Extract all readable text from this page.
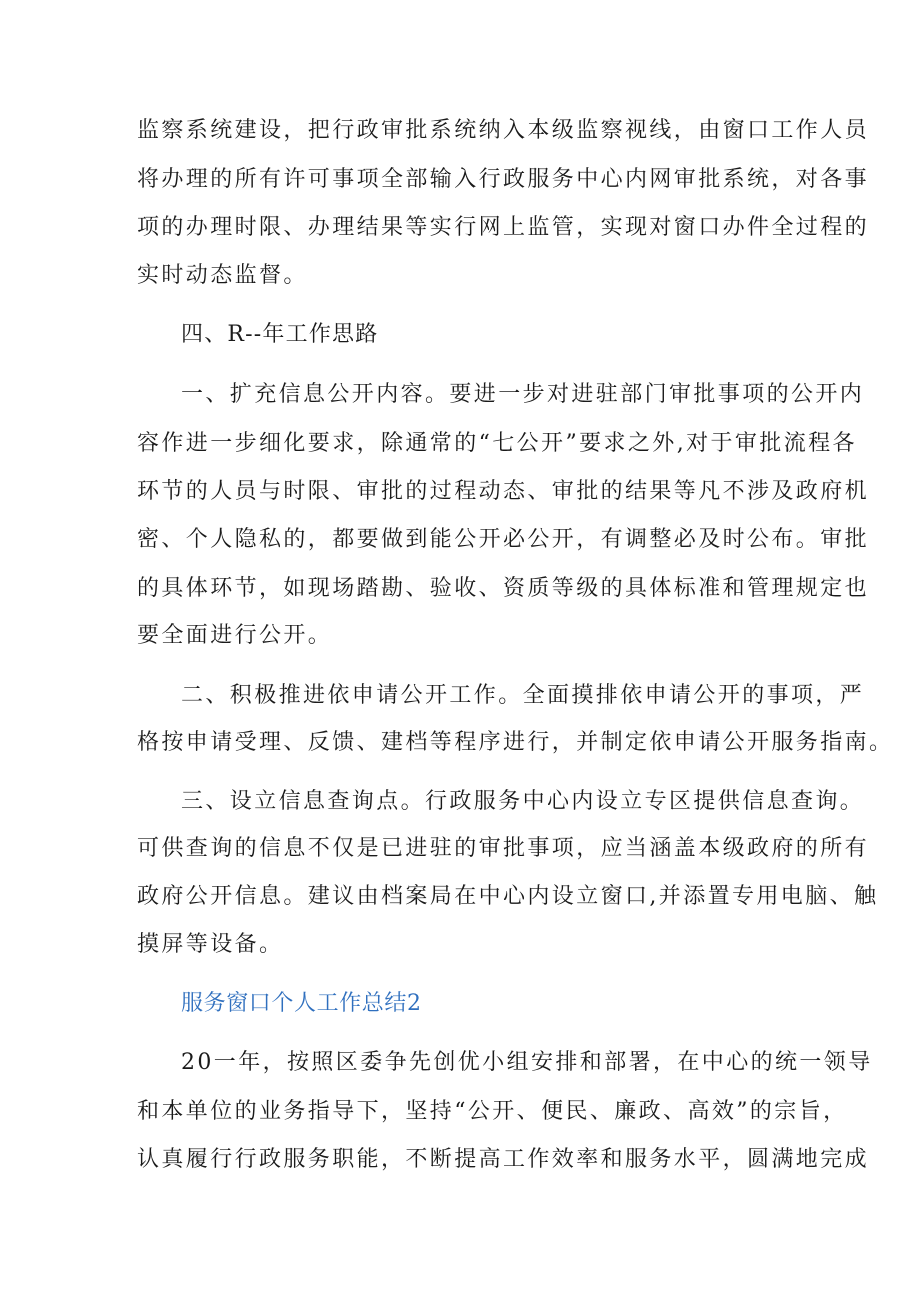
监察系统建设，把行政审批系统纳入本级监察视线，由窗口工作人员
将办理的所有许可事项全部输入行政服务中心内网审批系统，对各事
项的办理时限、办理结果等实行网上监管，实现对窗口办件全过程的
实时动态监督。
四、R--年工作思路
一、扩充信息公开内容。要进一步对进驻部门审批事项的公开内
容作进一步细化要求，除通常的“七公开”要求之外,对于审批流程各
环节的人员与时限、审批的过程动态、审批的结果等凡不涉及政府机
密、个人隐私的，都要做到能公开必公开，有调整必及时公布。审批
的具体环节，如现场踏勘、验收、资质等级的具体标准和管理规定也
要全面进行公开。
二、积极推进依申请公开工作。全面摸排依申请公开的事项，严
格按申请受理、反馈、建档等程序进行，并制定依申请公开服务指南。
三、设立信息查询点。行政服务中心内设立专区提供信息查询。
可供查询的信息不仅是已进驻的审批事项，应当涵盖本级政府的所有
政府公开信息。建议由档案局在中心内设立窗口,并添置专用电脑、触
摸屏等设备。
服务窗口个人工作总结2
20一年，按照区委争先创优小组安排和部署，在中心的统一领导
和本单位的业务指导下，坚持“公开、便民、廉政、高效”的宗旨，
认真履行行政服务职能，不断提高工作效率和服务水平，圆满地完成
